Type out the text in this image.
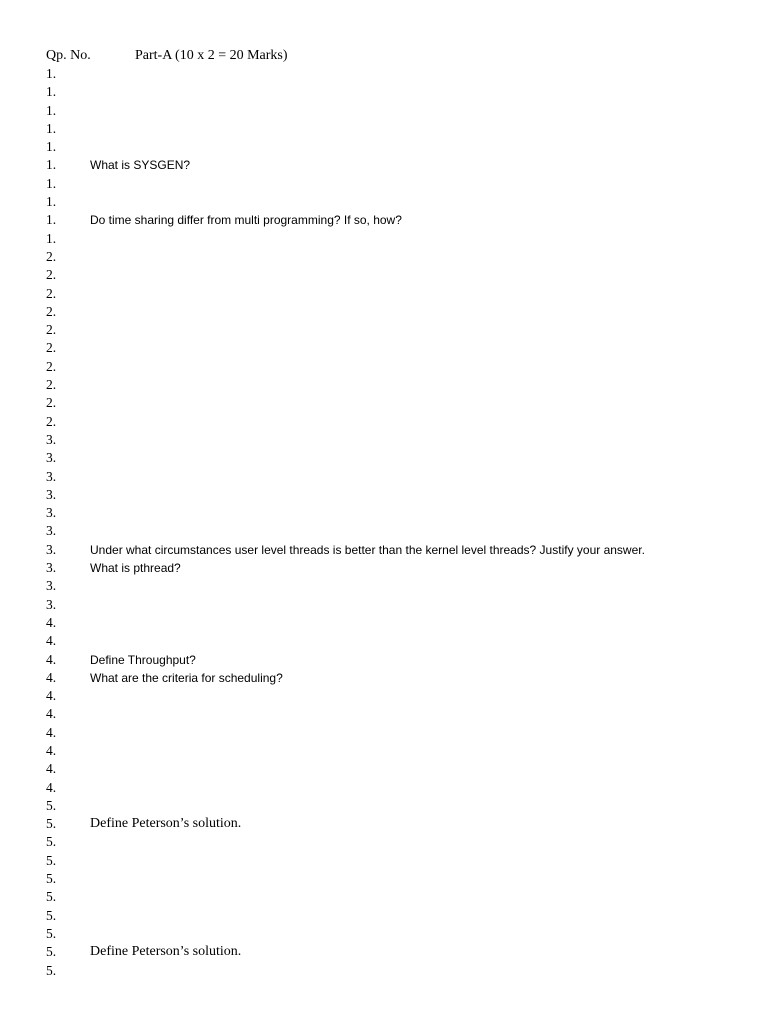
Qp. No.	Part-A (10 x 2 = 20 Marks)
1.
1.
1.
1.
1.
1.	What is SYSGEN?
1.
1.
1.	Do time sharing differ from multi programming? If so, how?
1.
2.
2.
2.
2.
2.
2.
2.
2.
2.
2.
3.
3.
3.
3.
3.
3.
3.	Under what circumstances user level threads is better than the kernel level threads? Justify your answer.
3.	What is pthread?
3.
3.
4.
4.
4.	Define Throughput?
4.	What are the criteria for scheduling?
4.
4.
4.
4.
4.
4.
5.
5. Define Peterson’s solution.
5.
5.
5.
5.
5.
5.
5. Define Peterson’s solution.
5.
